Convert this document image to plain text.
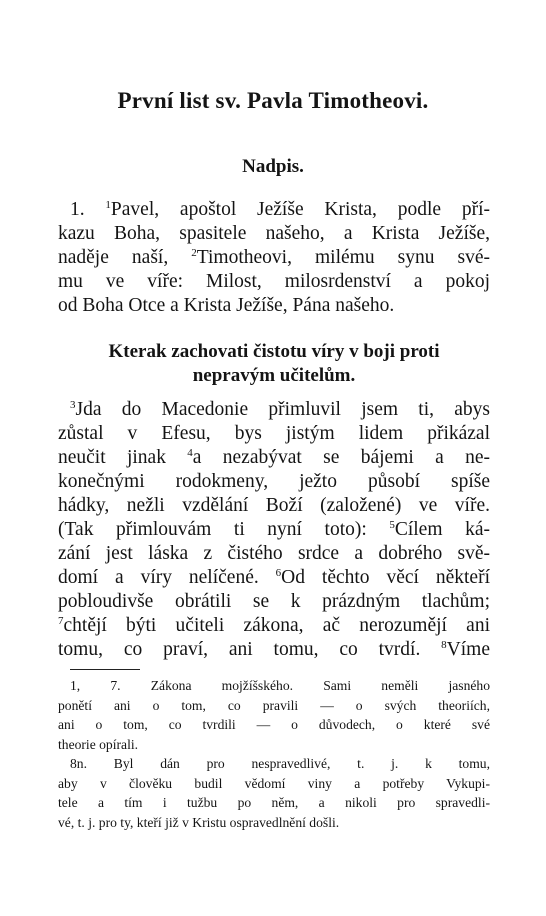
První list sv. Pavla Timotheovi.
Nadpis.
1. $^1$Pavel, apoštol Ježíše Krista, podle pří-
kazu Boha, spasitele našeho, a Krista Ježíše,
naděje naší, $^2$Timotheovi, milému synu své-
mu ve víře: Milost, milosrdenství a pokoj
od Boha Otce a Krista Ježíše, Pána našeho.
Kterak zachovati čistotu víry v boji proti
nepravým učitelům.
$^3$Jda do Macedonie přimluvil jsem ti, abys
zůstal v Efesu, bys jistým lidem přikázal
neučit jinak $^4$a nezabývat se bájemi a ne-
konečnými rodokmeny, ježto působí spíše
hádky, nežli vzdělání Boží (založené) ve víře.
(Tak přimlouvám ti nyní toto): $^5$Cílem ká-
zání jest láska z čistého srdce a dobrého svě-
domí a víry nelíčené. $^6$Od těchto věcí někteří
pobloudivše obrátili se k prázdným tlachům;
$^7$chtějí býti učiteli zákona, ač nerozumějí ani
tomu, co praví, ani tomu, co tvrdí. $^8$Víme
1, 7. Zákona mojžíšského. Sami neměli jasného
ponětí ani o tom, co pravili — o svých theoriích,
ani o tom, co tvrdili — o důvodech, o které své
theorie opírali.
8n. Byl dán pro nespravedlivé, t. j. k tomu,
aby v člověku budil vědomí viny a potřeby Vykupi-
tele a tím i tužbu po něm, a nikoli pro spravedli-
vé, t. j. pro ty, kteří již v Kristu ospravedlnění došli.
